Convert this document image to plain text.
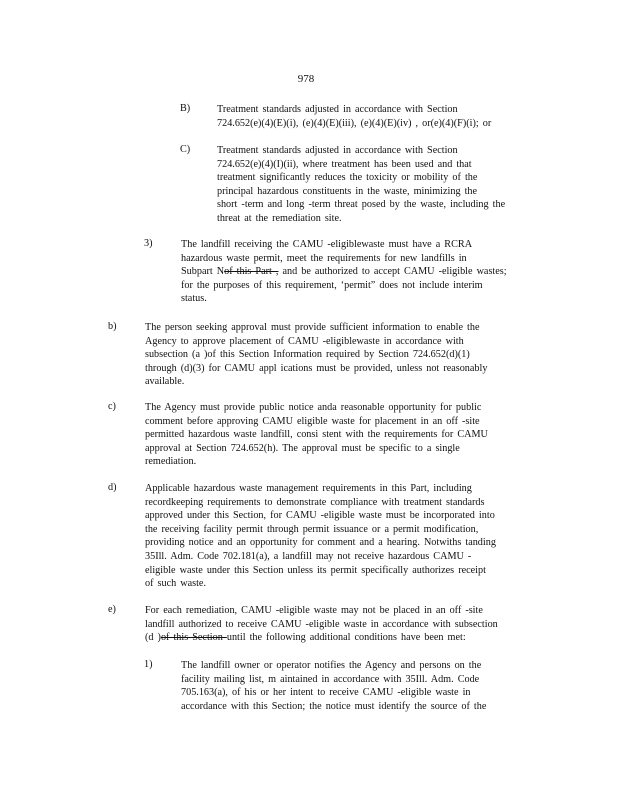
978
B)	Treatment standards adjusted in accordance with Section
724.652(e)(4)(E)(i), (e)(4)(E)(iii), (e)(4)(E)(iv) , or(e)(4)(F)(i); or
C)	Treatment standards adjusted in accordance with Section
724.652(e)(4)(I)(ii), where treatment has been used and that
treatment significantly reduces the toxicity or mobility of the
principal hazardous constituents in the waste, minimizing the
short -term and long -term threat posed by the waste, including the
threat at the remediation site.
3)	The landfill receiving the CAMU -eligiblewaste must have a RCRA
hazardous waste permit, meet the requirements for new landfills in
Subpart Nof this Part , and be authorized to accept CAMU -eligible wastes;
for the purposes of this requirement, ‘permit” does not include interim
status.
b)	The person seeking approval must provide sufficient information to enable the
Agency to approve placement of CAMU -eligiblewaste in accordance with
subsection (a )of this Section Information required by Section 724.652(d)(1)
through (d)(3) for CAMU appl ications must be provided, unless not reasonably
available.
c)	The Agency must provide public notice anda reasonable opportunity for public
comment before approving CAMU eligible waste for placement in an off -site
permitted hazardous waste landfill, consi stent with the requirements for CAMU
approval at Section 724.652(h). The approval must be specific to a single
remediation.
d)	Applicable hazardous waste management requirements in this Part, including
recordkeeping requirements to demonstrate compliance with treatment standards
approved under this Section, for CAMU -eligible waste must be incorporated into
the receiving facility permit through permit issuance or a permit modification,
providing notice and an opportunity for comment and a hearing. Notwiths tanding
35Ill. Adm. Code 702.181(a), a landfill may not receive hazardous CAMU -
eligible waste under this Section unless its permit specifically authorizes receipt
of such waste.
e)	For each remediation, CAMU -eligible waste may not be placed in an off -site
landfill authorized to receive CAMU -eligible waste in accordance with subsection
(d )of this Section until the following additional conditions have been met:
1)	The landfill owner or operator notifies the Agency and persons on the
facility mailing list, m aintained in accordance with 35Ill. Adm. Code
705.163(a), of his or her intent to receive CAMU -eligible waste in
accordance with this Section; the notice must identify the source of the
